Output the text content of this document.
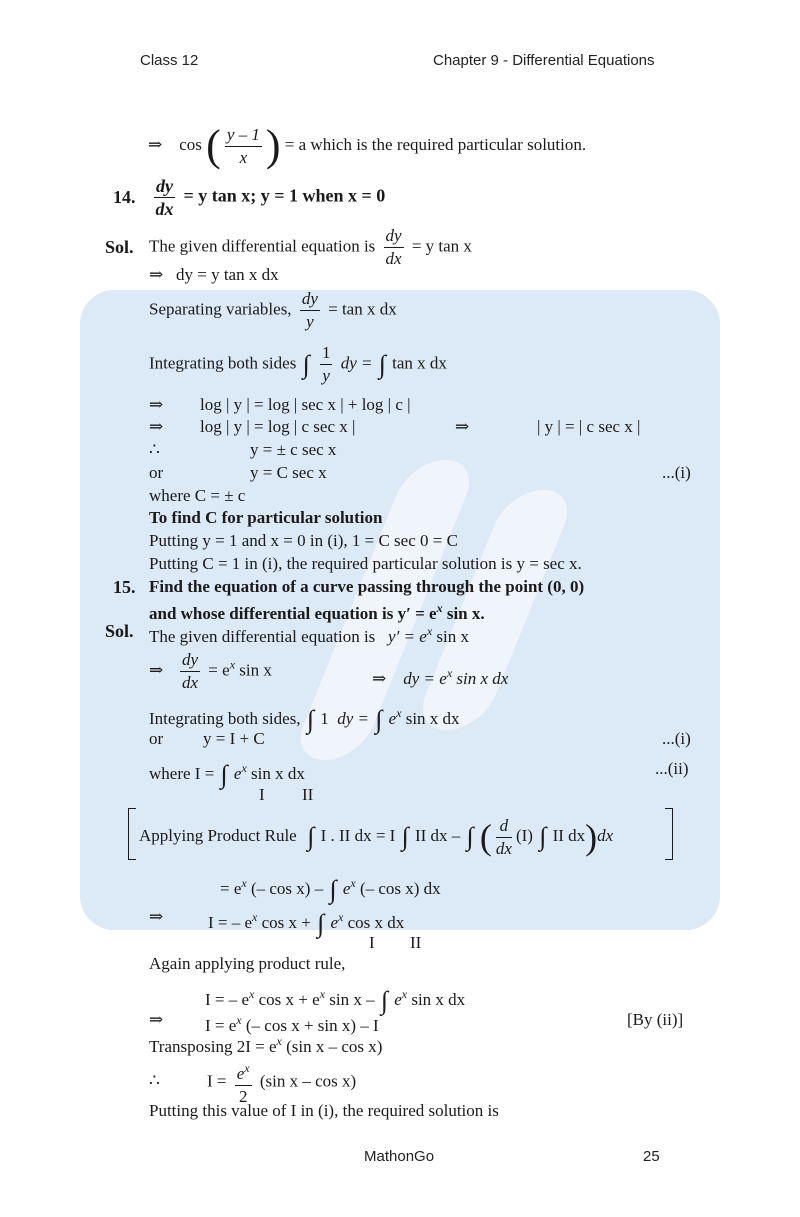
Class 12	Chapter 9 - Differential Equations
⇒ cos ( $\frac{y - 1}{x}$ ) = a which is the required particular solution.
14. $\frac{dy}{dx} = y$ tan x; y = 1 when x = 0
Sol. The given differential equation is $\frac{dy}{dx} = y$ tan x
⇒ dy = y tan x dx
Separating variables, $\frac{dy}{y} = \tan x$ dx
Integrating both sides ∫ $\frac{1}{y}$ dy = ∫ tan x dx
⇒ log | y | = log | sec x | + log | c |
⇒ log | y | = log | c sec x |	⇒	| y | = | c sec x |
∴	y = ± c sec x
or	y = C sec x	...(i)
where C = ± c
To find C for particular solution
Putting y = 1 and x = 0 in (i), 1 = C sec 0 = C
Putting C = 1 in (i), the required particular solution is y = sec x.
15. Find the equation of a curve passing through the point (0, 0)
and whose differential equation is $y' = e^x$ sin x.
Sol. The given differential equation is $y' = e^x$ sin x
⇒ $\frac{dy}{dx} = e^x$ sin x	⇒ dy = $e^x$ sin x dx
Integrating both sides, ∫ 1 dy = ∫ $e^x$ sin x dx
or y = I + C	...(i)
where I = ∫ $e^x$ sin x dx	...(ii)
I II
Applying Product Rule ∫ I . II dx = I ∫ II dx – ∫ ( $\frac{d}{dx} (I)$ ∫ II dx)dx
= $e^x$ (– cos x) – ∫ $e^x$ (– cos x) dx
⇒	I = – $e^x$ cos x + ∫ $e^x$ cos x dx
I II
Again applying product rule,
I = – $e^x$ $\cos x + e^x$ sin x – ∫ $e^x$ sin x dx
⇒ $I = e^x$ (– cos x + sin x) – I	[By (ii)]
Transposing $2I = e^x$ (sin x – cos x)
∴	$I = \frac{e^x}{2} (\sin$ x – cos x)
Putting this value of I in (i), the required solution is
MathonGo	25
